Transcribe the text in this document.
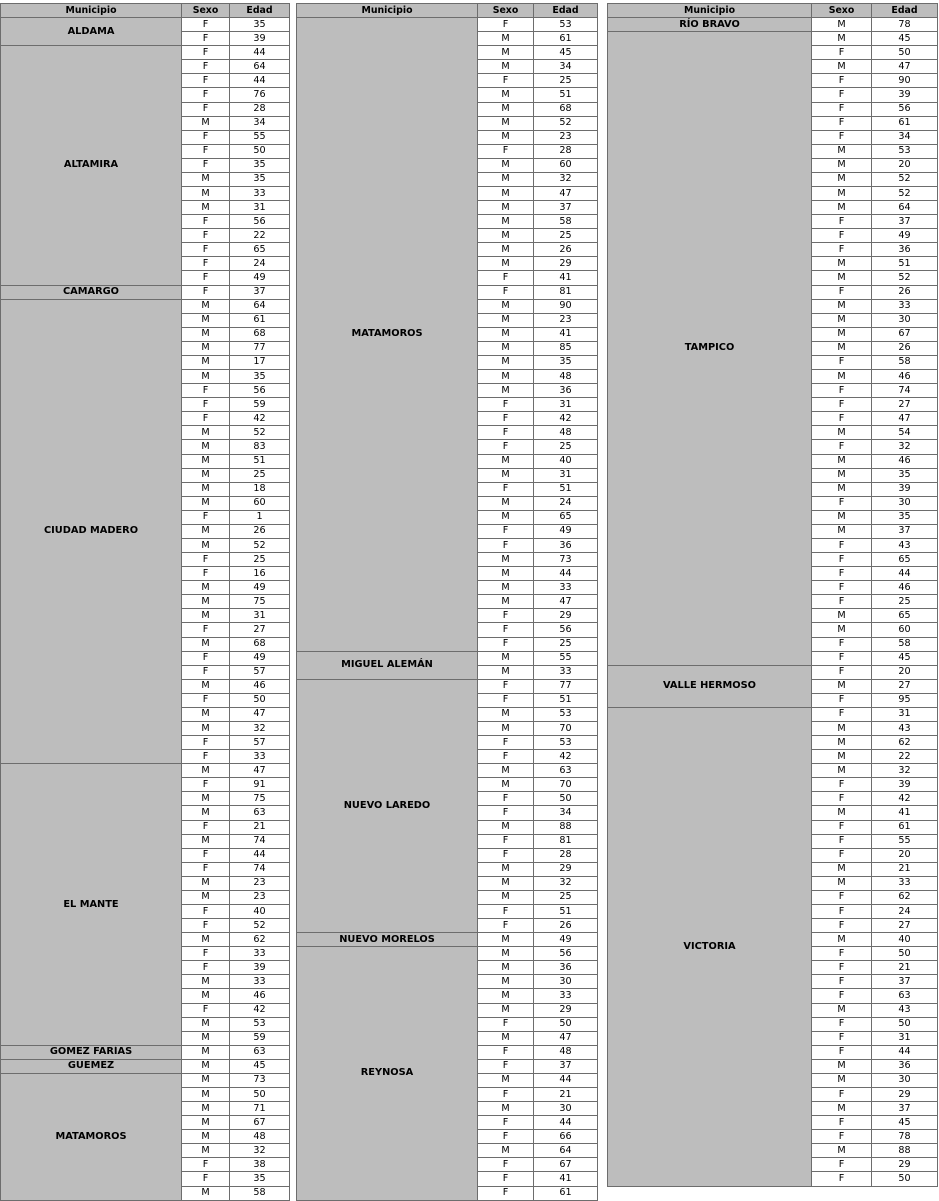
Municipio	Sexo	Edad
ALDAMA	F	35
	F	39
ALTAMIRA	F	44
	F	64
	F	44
	F	76
	F	28
	M	34
	F	55
	F	50
	F	35
	M	35
	M	33
	M	31
	F	56
	F	22
	F	65
	F	24
	F	49
CAMARGO	F	37
CIUDAD MADERO	M	64
	M	61
	M	68
	M	77
	M	17
	M	35
	F	56
	F	59
	F	42
	M	52
	M	83
	M	51
	M	25
	M	18
	M	60
	F	1
	M	26
	M	52
	F	25
	F	16
	M	49
	M	75
	M	31
	F	27
	M	68
	F	49
	F	57
	M	46
	F	50
	M	47
	M	32
	F	57
	F	33
EL MANTE	M	47
	F	91
	M	75
	M	63
	F	21
	M	74
	F	44
	F	74
	M	23
	M	23
	F	40
	F	52
	M	62
	F	33
	F	39
	M	33
	M	46
	F	42
	M	53
	M	59
GÓMEZ FARÍAS	M	63
GÜEMEZ	M	45
MATAMOROS	M	73
	M	50
	M	71
	M	67
	M	48
	M	32
	F	38
	F	35
	M	58
Municipio	Sexo	Edad
MATAMOROS	F	53
	M	61
	M	45
	M	34
	F	25
	M	51
	M	68
	M	52
	M	23
	F	28
	M	60
	M	32
	M	47
	M	37
	M	58
	M	25
	M	26
	M	29
	F	41
	F	81
	M	90
	M	23
	M	41
	M	85
	M	35
	M	48
	M	36
	F	31
	F	42
	F	48
	F	25
	M	40
	M	31
	F	51
	M	24
	M	65
	F	49
	F	36
	M	73
	M	44
	M	33
	M	47
	F	29
	F	56
	F	25
MIGUEL ALEMÁN	M	55
	M	33
NUEVO LAREDO	F	77
	F	51
	M	53
	M	70
	F	53
	F	42
	M	63
	M	70
	F	50
	F	34
	M	88
	F	81
	F	28
	M	29
	M	32
	M	25
	F	51
	F	26
NUEVO MORELOS	M	49
REYNOSA	M	56
	M	36
	M	30
	M	33
	M	29
	F	50
	M	47
	F	48
	F	37
	M	44
	F	21
	M	30
	F	44
	F	66
	M	64
	F	67
	F	41
	F	61
Municipio	Sexo	Edad
RÍO BRAVO	M	78
TAMPICO	M	45
	F	50
	M	47
	F	90
	F	39
	F	56
	F	61
	F	34
	M	53
	M	20
	M	52
	M	52
	M	64
	F	37
	F	49
	F	36
	M	51
	M	52
	F	26
	M	33
	M	30
	M	67
	M	26
	F	58
	M	46
	F	74
	F	27
	F	47
	M	54
	F	32
	M	46
	M	35
	M	39
	F	30
	M	35
	M	37
	F	43
	F	65
	F	44
	F	46
	F	25
	M	65
	M	60
	F	58
	F	45
VALLE HERMOSO	F	20
	M	27
	F	95
VICTORIA	F	31
	M	43
	M	62
	M	22
	M	32
	F	39
	F	42
	M	41
	F	61
	F	55
	F	20
	M	21
	M	33
	F	62
	F	24
	F	27
	M	40
	F	50
	F	21
	F	37
	F	63
	M	43
	F	50
	F	31
	F	44
	M	36
	M	30
	F	29
	M	37
	F	45
	F	78
	M	88
	F	29
	F	50
